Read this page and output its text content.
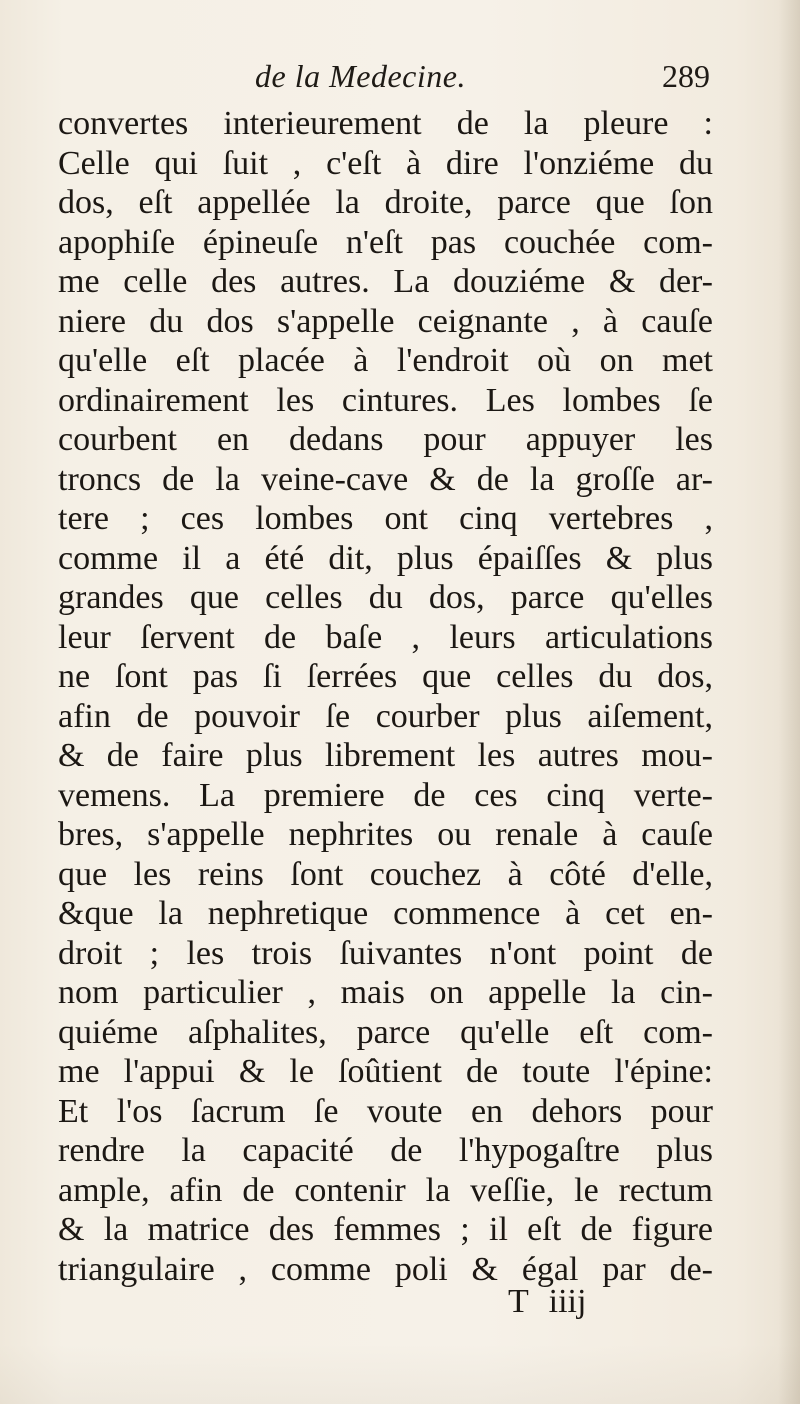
de la Medecine.	289
convertes interieurement de la pleure :
Celle qui ſuit , c'eſt à dire l'onziéme du
dos, eſt appellée la droite, parce que ſon
apophiſe épineuſe n'eſt pas couchée com-
me celle des autres. La douziéme & der-
niere du dos s'appelle ceignante , à cauſe
qu'elle eſt placée à l'endroit où on met
ordinairement les cintures. Les lombes ſe
courbent en dedans pour appuyer les
troncs de la veine-cave & de la groſſe ar-
tere ; ces lombes ont cinq vertebres ,
comme il a été dit, plus épaiſſes & plus
grandes que celles du dos, parce qu'elles
leur ſervent de baſe , leurs articulations
ne ſont pas ſi ſerrées que celles du dos,
afin de pouvoir ſe courber plus aiſement,
& de faire plus librement les autres mou-
vemens. La premiere de ces cinq verte-
bres, s'appelle nephrites ou renale à cauſe
que les reins ſont couchez à côté d'elle,
&que la nephretique commence à cet en-
droit ; les trois ſuivantes n'ont point de
nom particulier , mais on appelle la cin-
quiéme aſphalites, parce qu'elle eſt com-
me l'appui & le ſoûtient de toute l'épine:
Et l'os ſacrum ſe voute en dehors pour
rendre la capacité de l'hypogaſtre plus
ample, afin de contenir la veſſie, le rectum
& la matrice des femmes ; il eſt de figure
triangulaire , comme poli & égal par de-
T iiij
